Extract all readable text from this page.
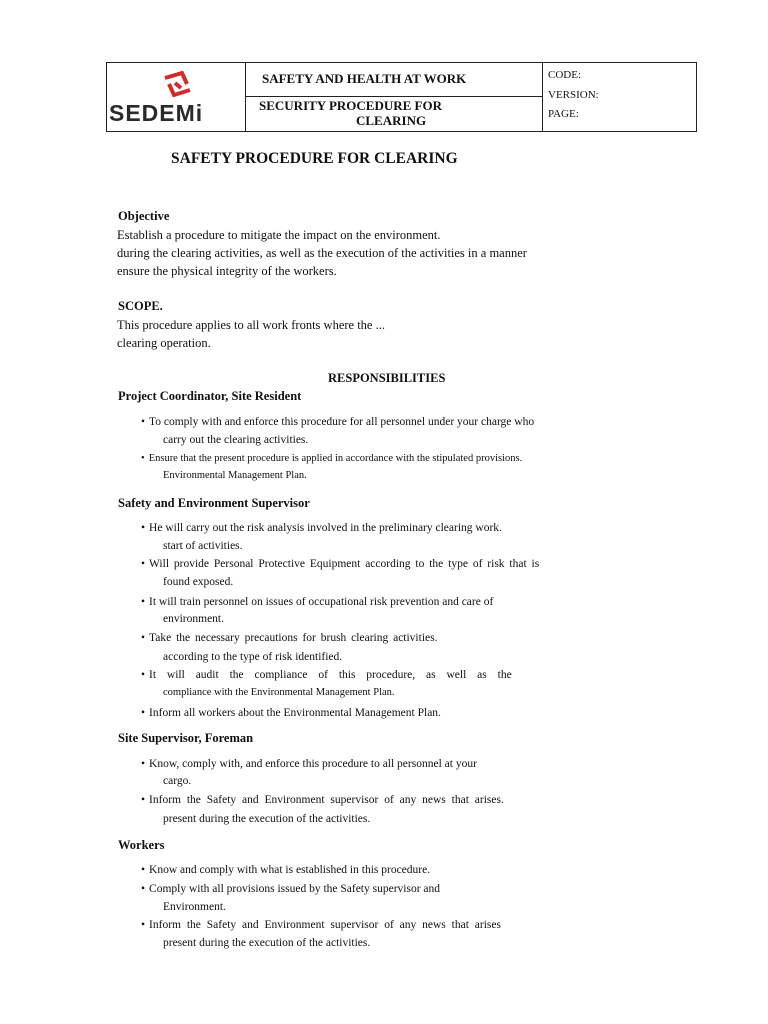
SEDEMi
SAFETY AND HEALTH AT WORK
SECURITY PROCEDURE FOR
CLEARING
CODE:
VERSION:
PAGE:
SAFETY PROCEDURE FOR CLEARING
Objective
Establish a procedure to mitigate the impact on the environment.
during the clearing activities, as well as the execution of the activities in a manner
ensure the physical integrity of the workers.
SCOPE.
This procedure applies to all work fronts where the ...
clearing operation.
RESPONSIBILITIES
Project Coordinator, Site Resident
• To comply with and enforce this procedure for all personnel under your charge who
carry out the clearing activities.
• Ensure that the present procedure is applied in accordance with the stipulated provisions.
Environmental Management Plan.
Safety and Environment Supervisor
• He will carry out the risk analysis involved in the preliminary clearing work.
start of activities.
• Will provide Personal Protective Equipment according to the type of risk that is
found exposed.
• It will train personnel on issues of occupational risk prevention and care of
environment.
• Take the necessary precautions for brush clearing activities.
according to the type of risk identified.
• It will audit the compliance of this procedure, as well as the
compliance with the Environmental Management Plan.
• Inform all workers about the Environmental Management Plan.
Site Supervisor, Foreman
• Know, comply with, and enforce this procedure to all personnel at your
cargo.
• Inform the Safety and Environment supervisor of any news that arises.
present during the execution of the activities.
Workers
• Know and comply with what is established in this procedure.
• Comply with all provisions issued by the Safety supervisor and
Environment.
• Inform the Safety and Environment supervisor of any news that arises
present during the execution of the activities.
